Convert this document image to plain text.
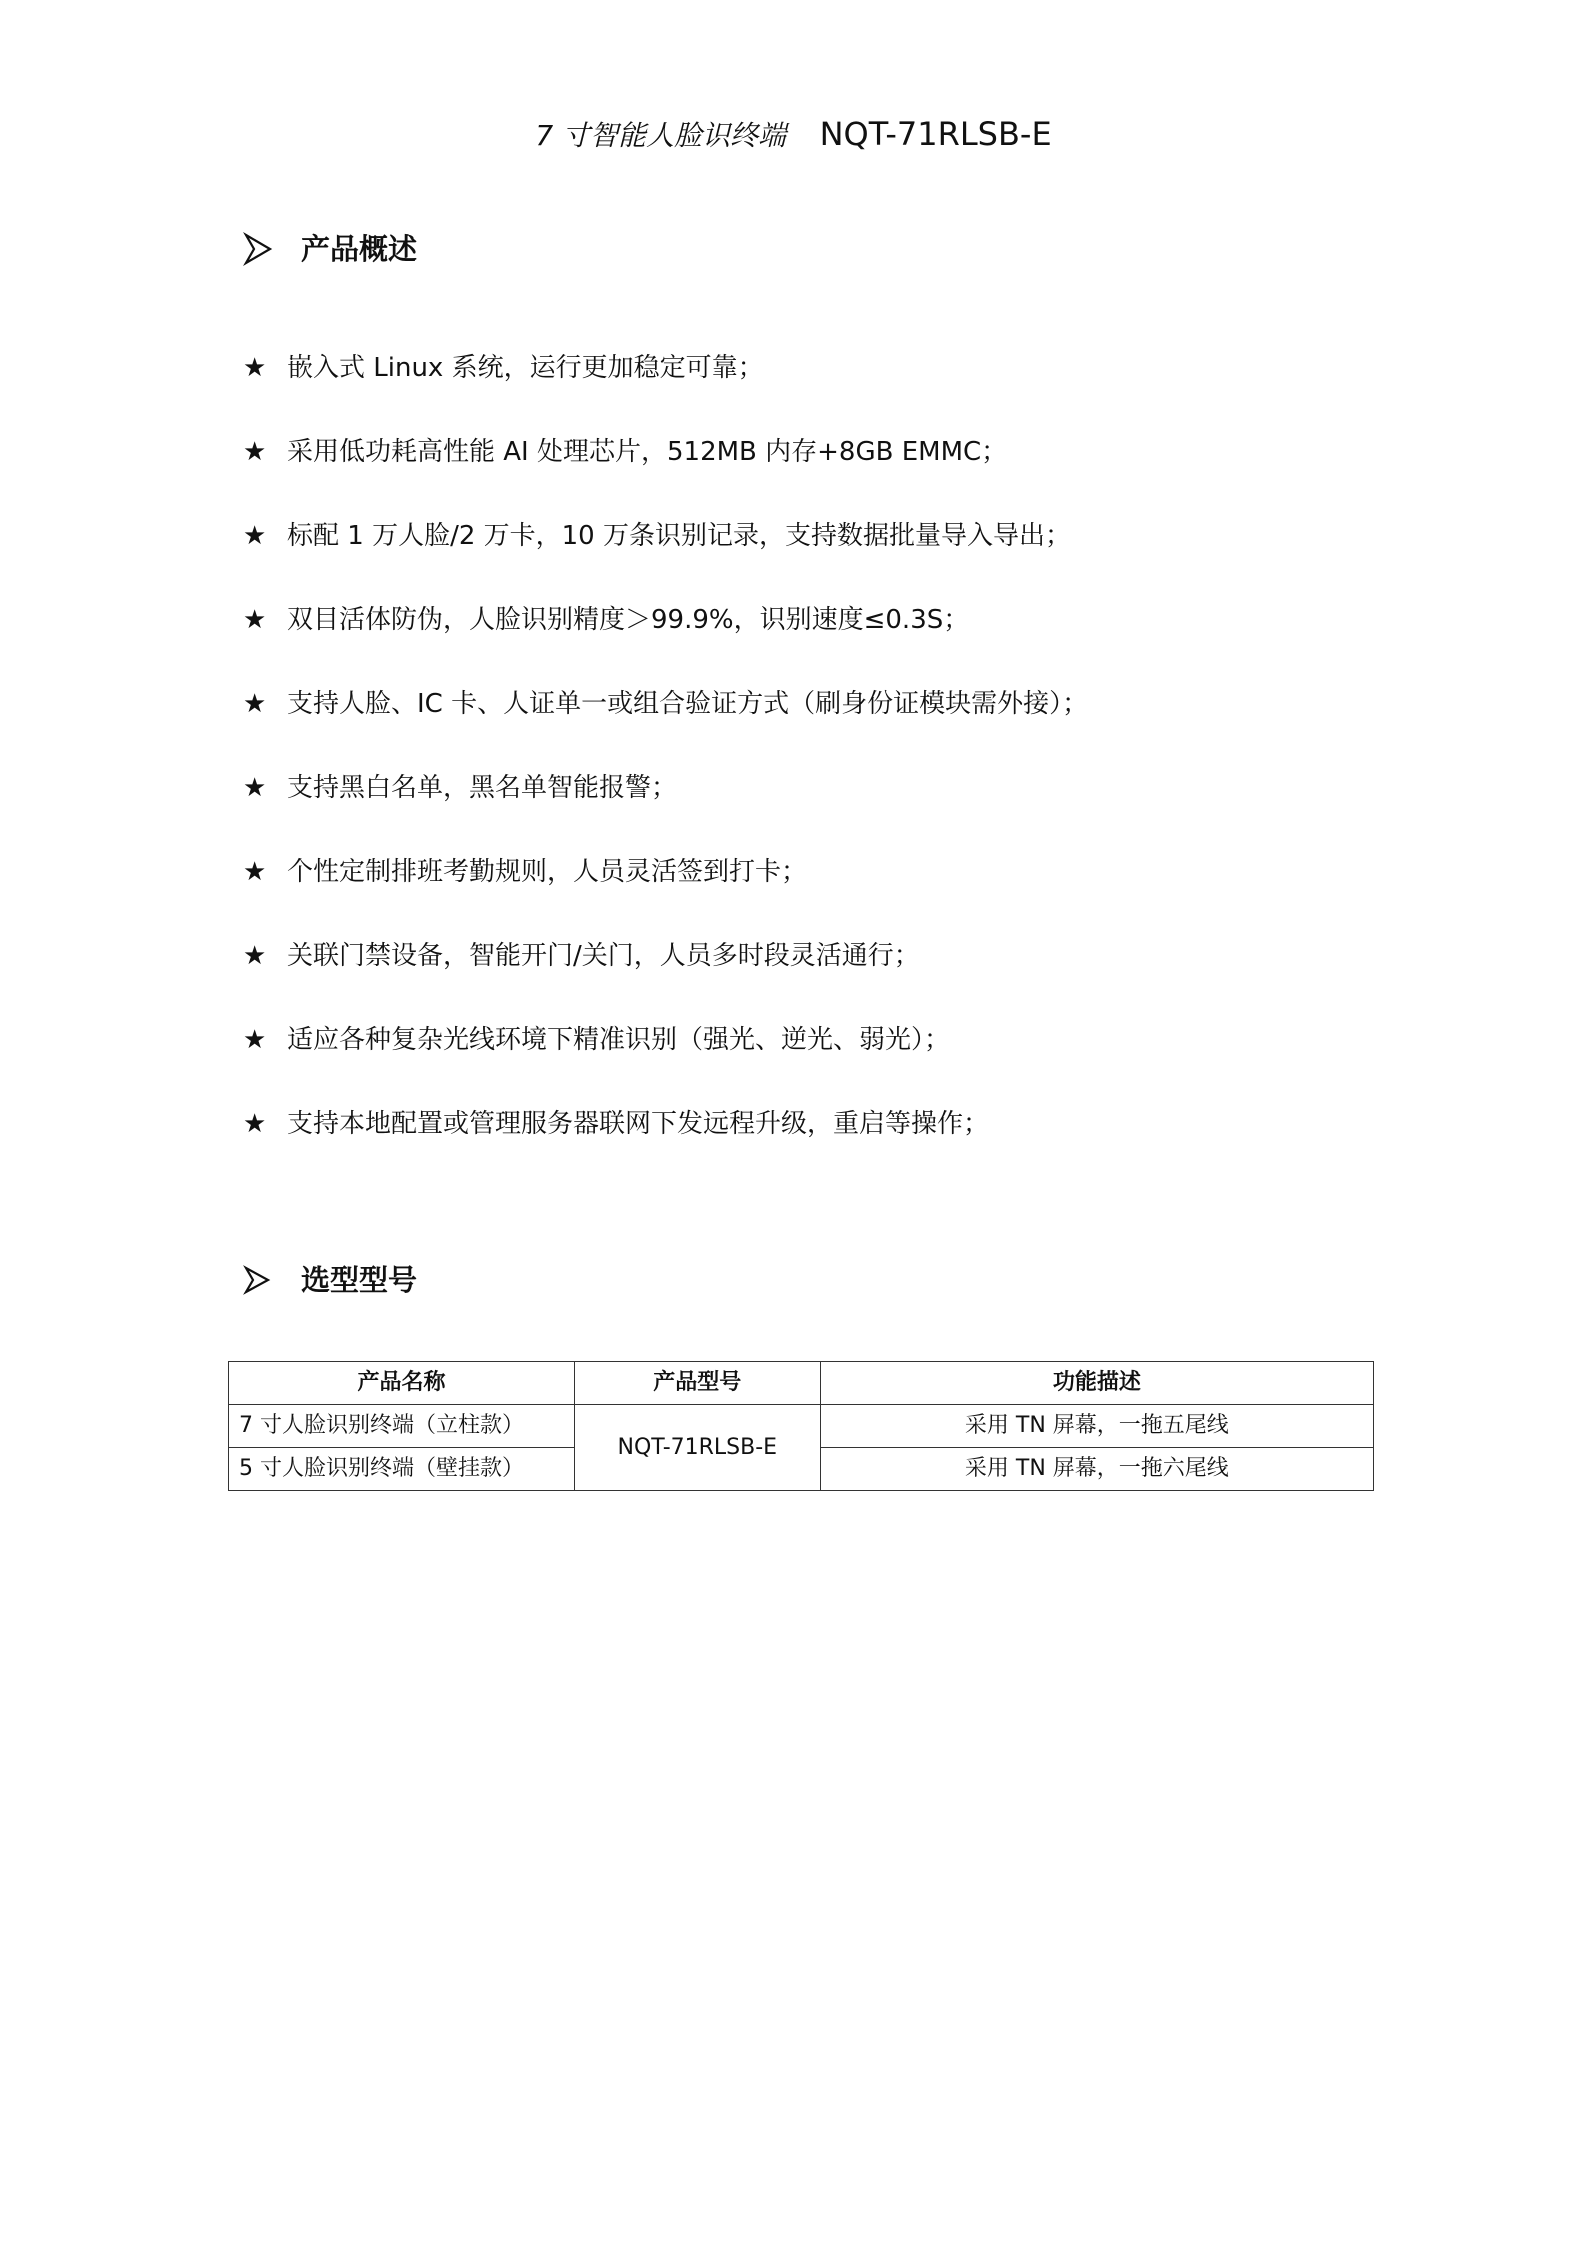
7 寸智能人脸识终端 NQT-71RLSB-E
产品概述
★ 嵌入式 Linux 系统，运行更加稳定可靠；
★ 采用低功耗高性能 AI 处理芯片，512MB 内存+8GB EMMC；
★ 标配 1 万人脸/2 万卡，10 万条识别记录，支持数据批量导入导出；
★ 双目活体防伪，人脸识别精度＞99.9%，识别速度≤0.3S；
★ 支持人脸、IC 卡、人证单一或组合验证方式（刷身份证模块需外接）；
★ 支持黑白名单，黑名单智能报警；
★ 个性定制排班考勤规则，人员灵活签到打卡；
★ 关联门禁设备，智能开门/关门，人员多时段灵活通行；
★ 适应各种复杂光线环境下精准识别（强光、逆光、弱光）；
★ 支持本地配置或管理服务器联网下发远程升级，重启等操作；
选型型号
产品名称	产品型号	功能描述
7 寸人脸识别终端（立柱款）	NQT-71RLSB-E	采用 TN 屏幕，一拖五尾线
5 寸人脸识别终端（壁挂款）		采用 TN 屏幕，一拖六尾线
